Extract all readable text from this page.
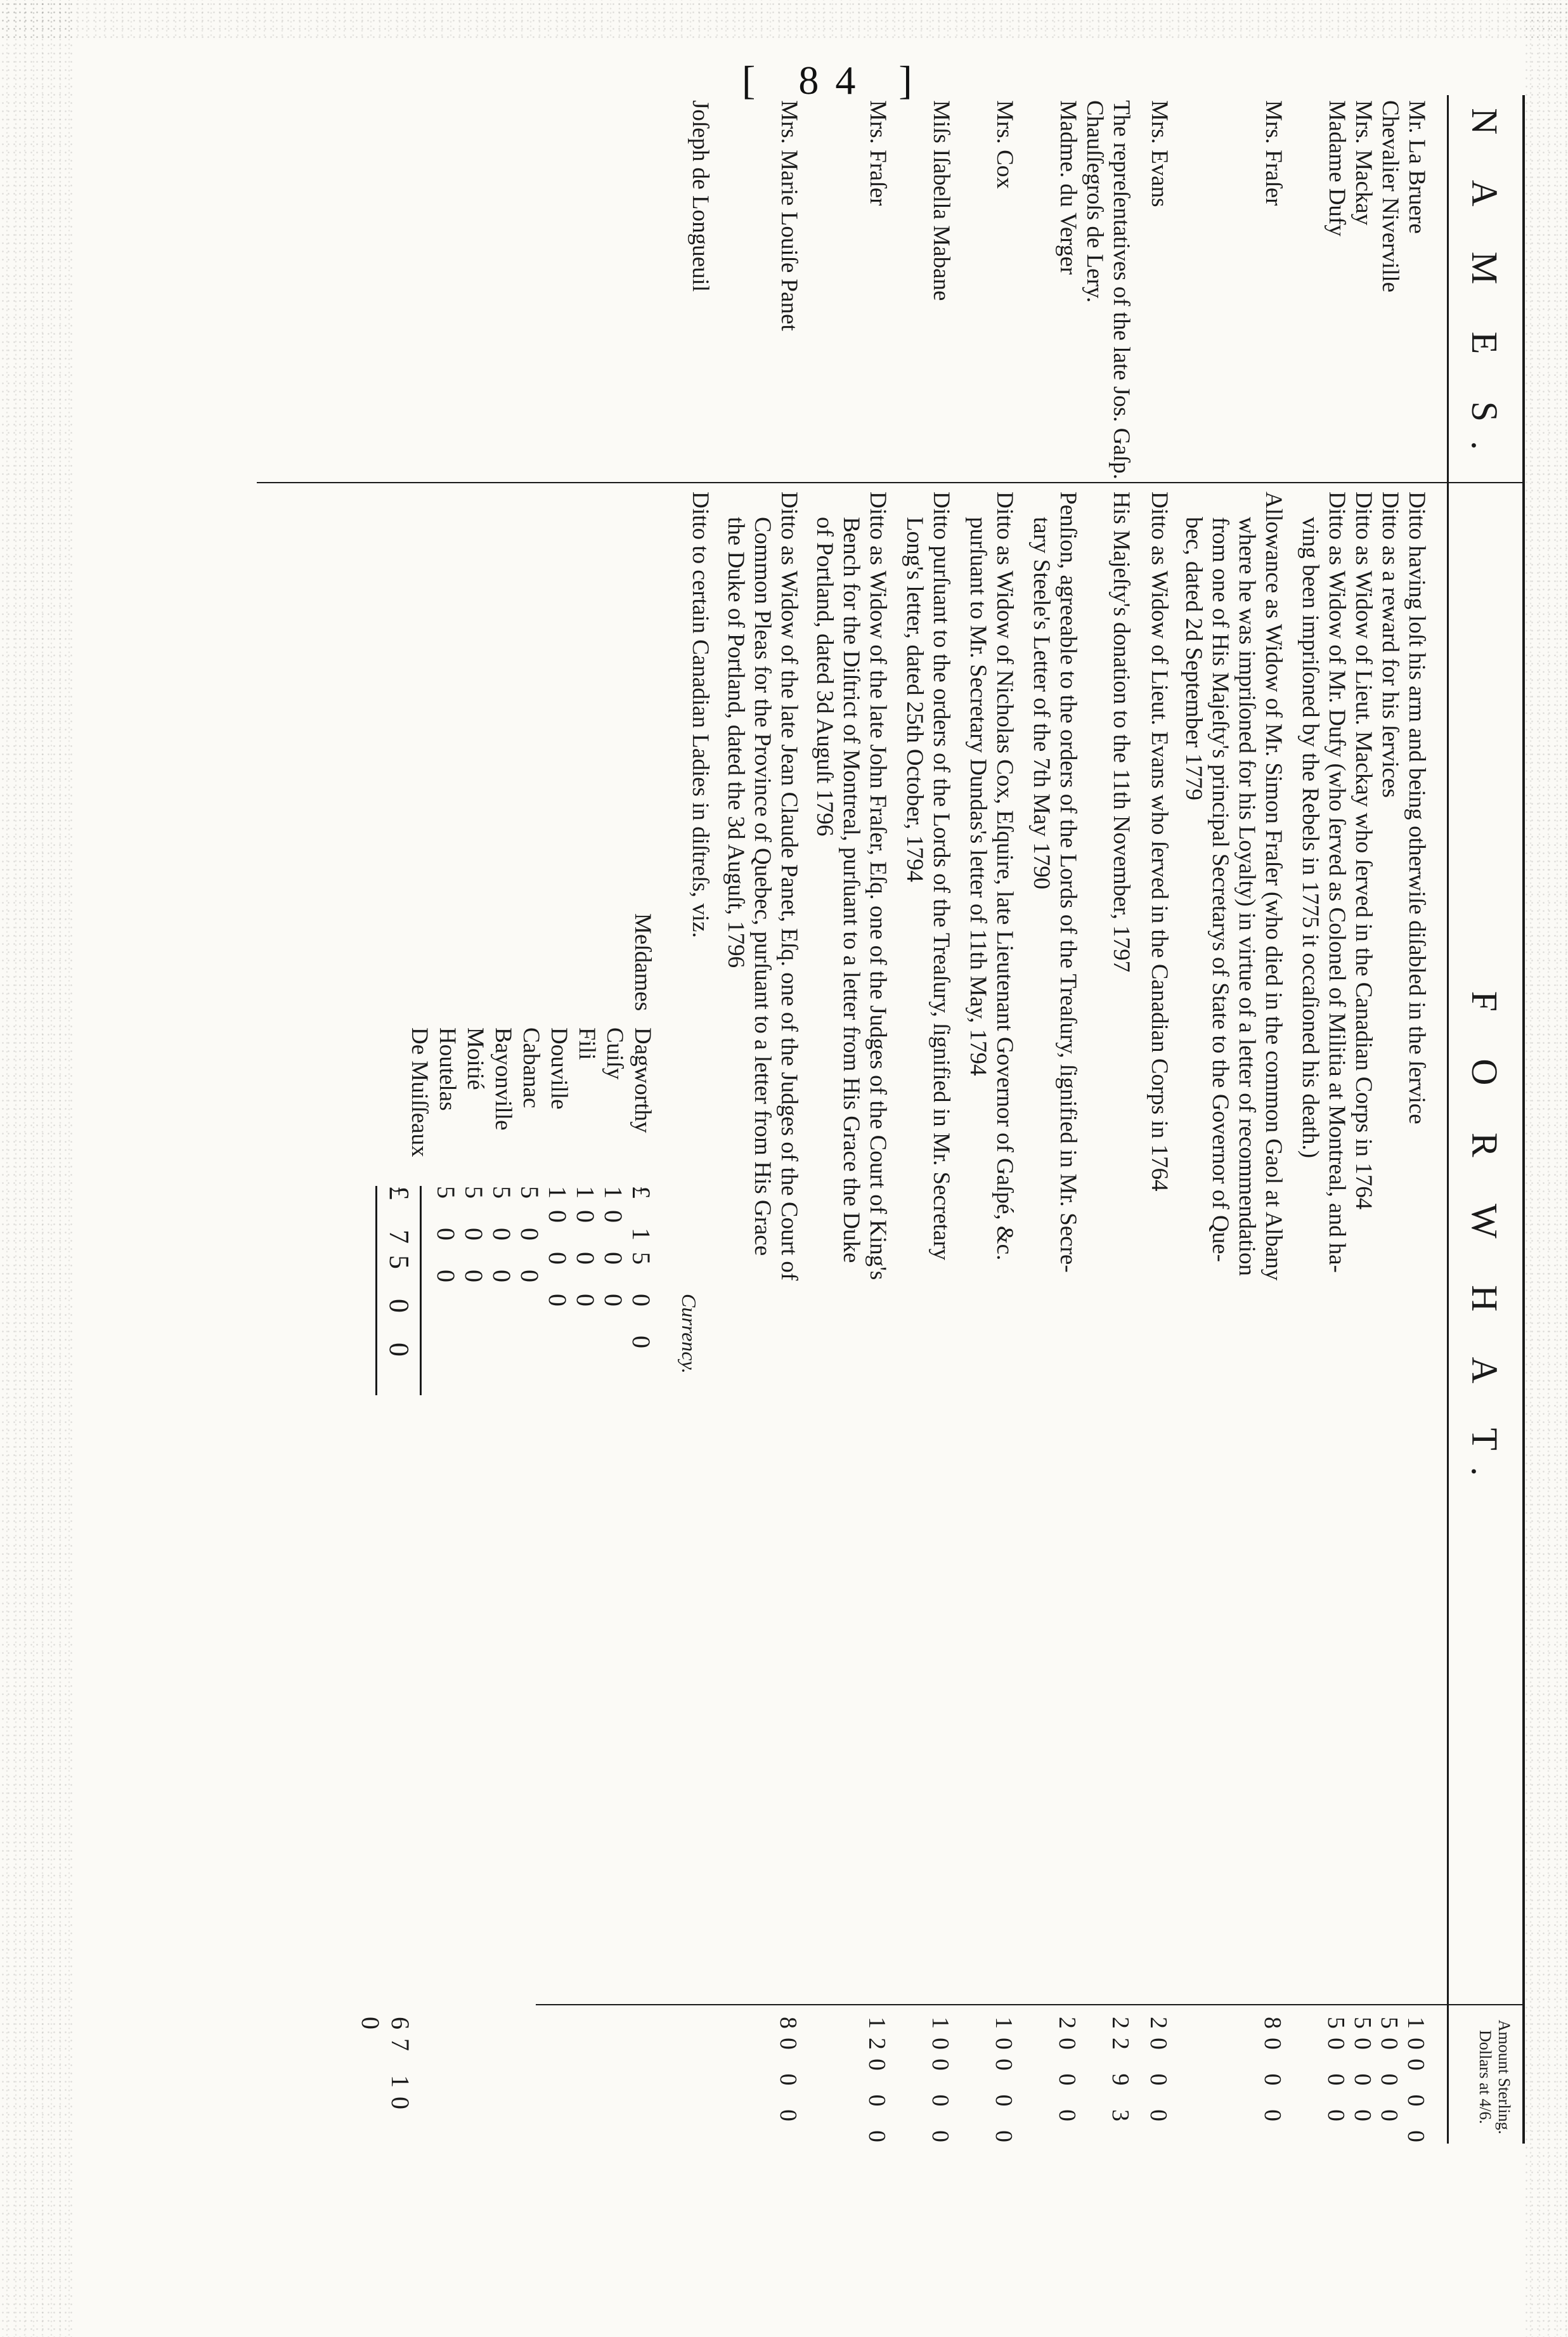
[ 84 ]
N A M E S.
F O R W H A T.
Amount Sterling. Dollars at 4/6.
Mr. La Bruere
Ditto having loſt his arm and being otherwiſe diſabled in the ſervice
100 0 0
Chevalier Niverville
Ditto as a reward for his ſervices
50 0 0
Mrs. Mackay
Ditto as Widow of Lieut. Mackay who ſerved in the Canadian Corps in 1764
50 0 0
Madame Dufy
Ditto as Widow of Mr. Dufy (who ſerved as Colonel of Militia at Montreal, and ha-
ving been impriſoned by the Rebels in 1775 it occaſioned his death.)
50 0 0
Mrs. Fraſer
Allowance as Widow of Mr. Simon Fraſer (who died in the common Gaol at Albany
where he was impriſoned for his Loyalty) in virtue of a letter of recommendation
from one of His Majeſty's principal Secretarys of State to the Governor of Que-
bec, dated 2d September 1779
80 0 0
Mrs. Evans
Ditto as Widow of Lieut. Evans who ſerved in the Canadian Corps in 1764
20 0 0
The repreſentatives of the late Jos. Gaſp. Chauſſegroſs de Lery.
His Majeſty's donation to the 11th November, 1797
22 9 3
Madme. du Verger
Penſion, agreeable to the orders of the Lords of the Treaſury, ſignified in Mr. Secre-
tary Steele's Letter of the 7th May 1790
20 0 0
Mrs. Cox
Ditto as Widow of Nicholas Cox, Eſquire, late Lieutenant Governor of Gaſpé, &c.
purſuant to Mr. Secretary Dundas's letter of 11th May, 1794
100 0 0
Miſs Iſabella Mabane
Ditto purſuant to the orders of the Lords of the Treaſury, ſignified in Mr. Secretary
Long's letter, dated 25th October, 1794
100 0 0
Mrs. Fraſer
Ditto as Widow of the late John Fraſer, Eſq. one of the Judges of the Court of King's
Bench for the Diſtrict of Montreal, purſuant to a letter from His Grace the Duke
of Portland, dated 3d Auguſt 1796
120 0 0
Mrs. Marie Louiſe Panet
Ditto as Widow of the late Jean Claude Panet, Eſq. one of the Judges of the Court of
Common Pleas for the Province of Quebec, purſuant to a letter from His Grace
the Duke of Portland, dated the 3d Auguſt, 1796
80 0 0
Joſeph de Longueuil
Ditto to certain Canadian Ladies in diſtreſs, viz.
Currency.
Meſdames
Dagworthy
Cuiſy
Fili
Douville
Cabanac
Bayonville
Moitié
Houtelas
De Muiſſeaux
£ 15 0 0
10 0 0
10 0 0
10 0 0
5 0 0
5 0 0
5 0 0
5 0 0
£ 75 0 0
67 10 0
